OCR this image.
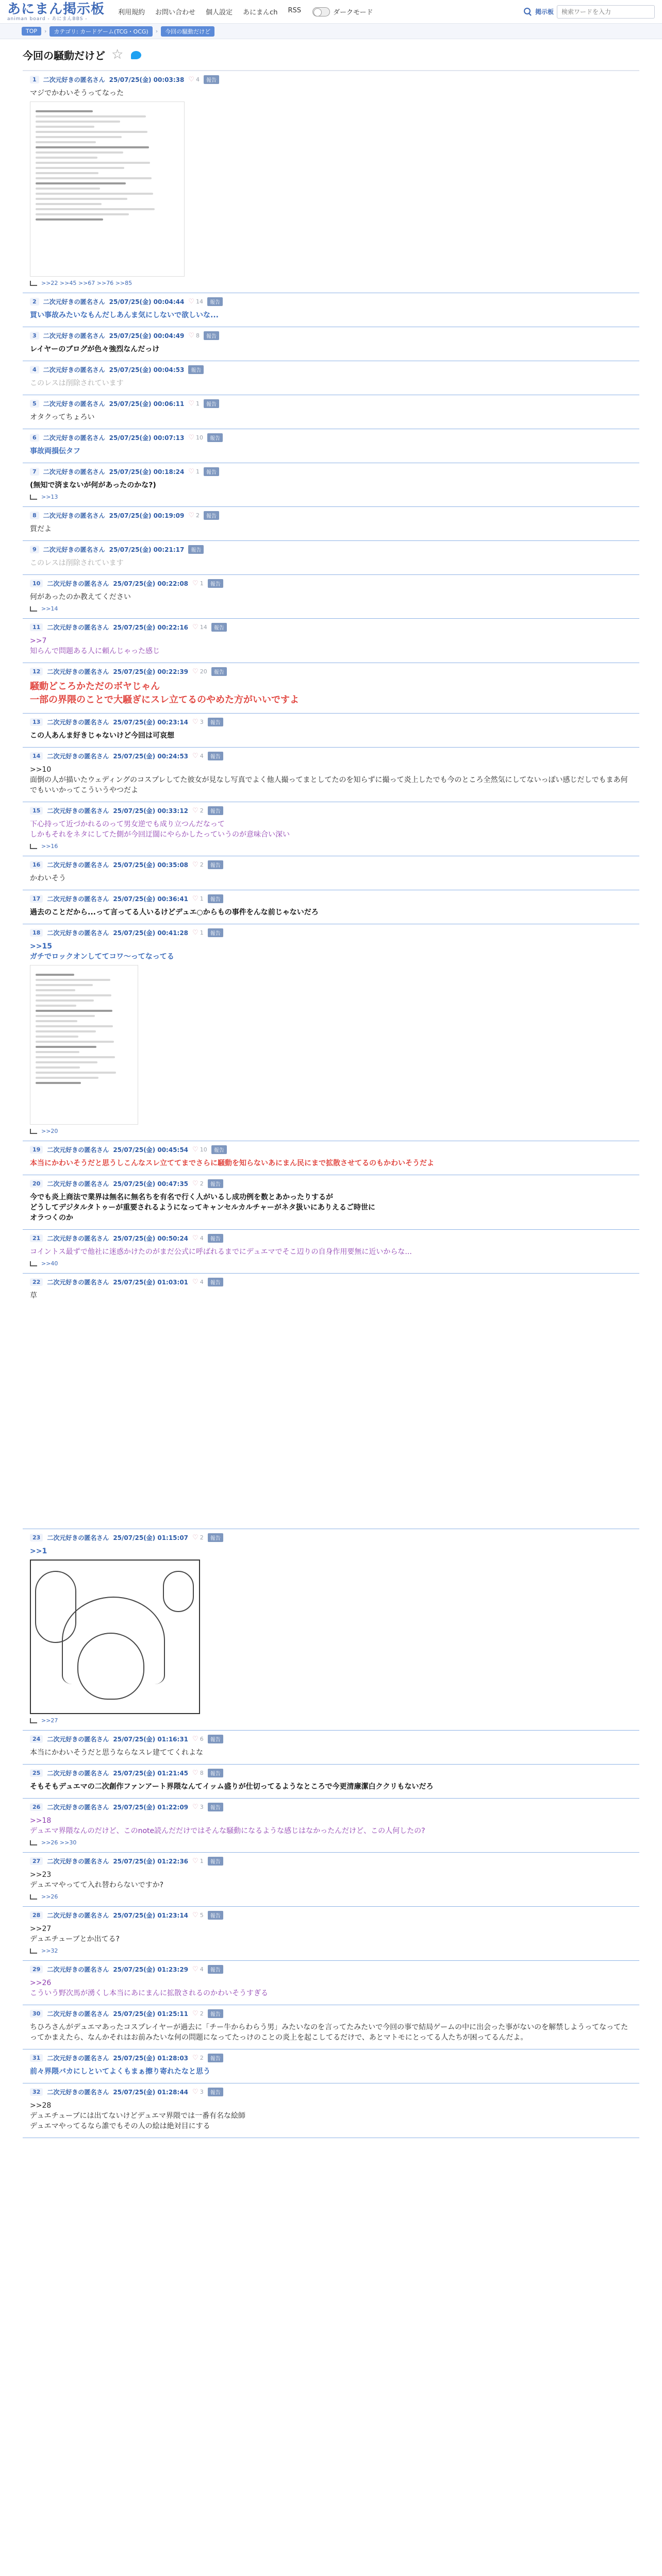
あにまん掲示板
animan board - あにまんBBS -
利用規約 お問い合わせ 個人設定 あにまんch RSS	ダークモード	掲示板
検索ワードを入力
TOP	›	カテゴリ: カードゲーム(TCG・OCG)	›	今回の騒動だけど
今回の騒動だけど ☆
1	二次元好きの匿名さん 25/07/25(金) 00:03:38 ♡ 4	報告
マジでかわいそうってなった
>>22 >>45 >>67 >>76 >>85
2	二次元好きの匿名さん 25/07/25(金) 00:04:44 ♡ 14	報告
買い事故みたいなもんだしあんま気にしないで欲しいな...
3	二次元好きの匿名さん 25/07/25(金) 00:04:49 ♡ 8	報告
レイヤーのブログが色々強烈なんだっけ
4	二次元好きの匿名さん 25/07/25(金) 00:04:53	報告
このレスは削除されています
5	二次元好きの匿名さん 25/07/25(金) 00:06:11 ♡ 1	報告
オタクってちょろい
6	二次元好きの匿名さん 25/07/25(金) 00:07:13 ♡ 10	報告
事故両損伝タフ
7	二次元好きの匿名さん 25/07/25(金) 00:18:24 ♡ 1	報告
(無知で済まないが何があったのかな?)
>>13
8	二次元好きの匿名さん 25/07/25(金) 00:19:09 ♡ 2	報告
質だよ
9	二次元好きの匿名さん 25/07/25(金) 00:21:17	報告
このレスは削除されています
10	二次元好きの匿名さん 25/07/25(金) 00:22:08 ♡ 1	報告
何があったのか教えてください
>>14
11	二次元好きの匿名さん 25/07/25(金) 00:22:16 ♡ 14	報告
>>7
知らんで問題ある人に頼んじゃった感じ
12	二次元好きの匿名さん 25/07/25(金) 00:22:39 ♡ 20	報告
騒動どころかただのボヤじゃん
一部の界隈のことで大騒ぎにスレ立てるのやめた方がいいですよ
13	二次元好きの匿名さん 25/07/25(金) 00:23:14 ♡ 3	報告
この人あんま好きじゃないけど今回は可哀想
14	二次元好きの匿名さん 25/07/25(金) 00:24:53 ♡ 4	報告
>>10
面倒の人が描いたウェディングのコスプレしてた彼女が見なし写真でよく他人撮ってまとしてたのを知らずに撮って炎上したでも今のところ全然気にしてないっぽい感じだしでもまあ何でもいいかってこういうやつだよ
15	二次元好きの匿名さん 25/07/25(金) 00:33:12 ♡ 2	報告
下心持って近づかれるのって男女逆でも成り立つんだなって
しかもそれをネタにしてた側が今回迂闊にやらかしたっていうのが意味合い深い
>>16
16	二次元好きの匿名さん 25/07/25(金) 00:35:08 ♡ 2	報告
かわいそう
17	二次元好きの匿名さん 25/07/25(金) 00:36:41 ♡ 1	報告
過去のことだから...って言ってる人いるけどデュエ○からもの事件をんな前じゃないだろ
18	二次元好きの匿名さん 25/07/25(金) 00:41:28 ♡ 1	報告
>>15
ガチでロックオンしててコワ〜ってなってる
>>20
19	二次元好きの匿名さん 25/07/25(金) 00:45:54 ♡ 10	報告
本当にかわいそうだと思うしこんなスレ立ててまでさらに騒動を知らないあにまん民にまで拡散させてるのもかわいそうだよ
20	二次元好きの匿名さん 25/07/25(金) 00:47:35 ♡ 2	報告
今でも炎上商法で業界は無名に無名ちを有名で行く人がいるし成功例を数とあかったりするが
どうしてデジタルタトゥーが重要されるようになってキャンセルカルチャーがネタ扱いにありえるご時世に
オラつくのか
21	二次元好きの匿名さん 25/07/25(金) 00:50:24 ♡ 4	報告
コイントス最ずで他社に迷惑かけたのがまだ公式に呼ばれるまでにデュエマでそこ辺りの自身作用要無に近いからな...
>>40
22	二次元好きの匿名さん 25/07/25(金) 01:03:01 ♡ 4	報告
草
23	二次元好きの匿名さん 25/07/25(金) 01:15:07 ♡ 2	報告
>>1
>>27
24	二次元好きの匿名さん 25/07/25(金) 01:16:31 ♡ 6	報告
本当にかわいそうだと思うならなスレ建ててくれよな
25	二次元好きの匿名さん 25/07/25(金) 01:21:45 ♡ 8	報告
そもそもデュエマの二次創作ファンアート界隈なんてイッム盛りが仕切ってるようなところで今更清廉潔白ククリもないだろ
26	二次元好きの匿名さん 25/07/25(金) 01:22:09 ♡ 3	報告
>>18
デュエマ界隈なんのだけど、このnote読んだだけではそんな騒動になるような感じはなかったんだけど、この人何したの?
>>26 >>30
27	二次元好きの匿名さん 25/07/25(金) 01:22:36 ♡ 1	報告
>>23
デュエマやってて入れ替わらないですか?
>>26
28	二次元好きの匿名さん 25/07/25(金) 01:23:14 ♡ 5	報告
>>27
デュエチューブとか出てる?
>>32
29	二次元好きの匿名さん 25/07/25(金) 01:23:29 ♡ 4	報告
>>26
こういう野次馬が湧くし本当にあにまんに拡散されるのかわいそうすぎる
30	二次元好きの匿名さん 25/07/25(金) 01:25:11 ♡ 2	報告
ちひろさんがデュエマあったコスプレイヤーが過去に「チー牛からわらう男」みたいなのを言ってたみたいで今回の事で結局ゲームの中に出会った事がないのを解禁しようってなってたってかまえたら、なんかそれはお前みたいな何の問題になってたっけのことの炎上を起こしてるだけで、あとマトモにとってる人たちが困ってるんだよ。
31	二次元好きの匿名さん 25/07/25(金) 01:28:03 ♡ 2	報告
前々界隈バカにしといてよくもまぁ擦り寄れたなと思う
32	二次元好きの匿名さん 25/07/25(金) 01:28:44 ♡ 3	報告
>>28
デュエチューブには出てないけどデュエマ界隈では一番有名な絵師
デュエマやってるなら誰でもその人の絵は絶対目にする
